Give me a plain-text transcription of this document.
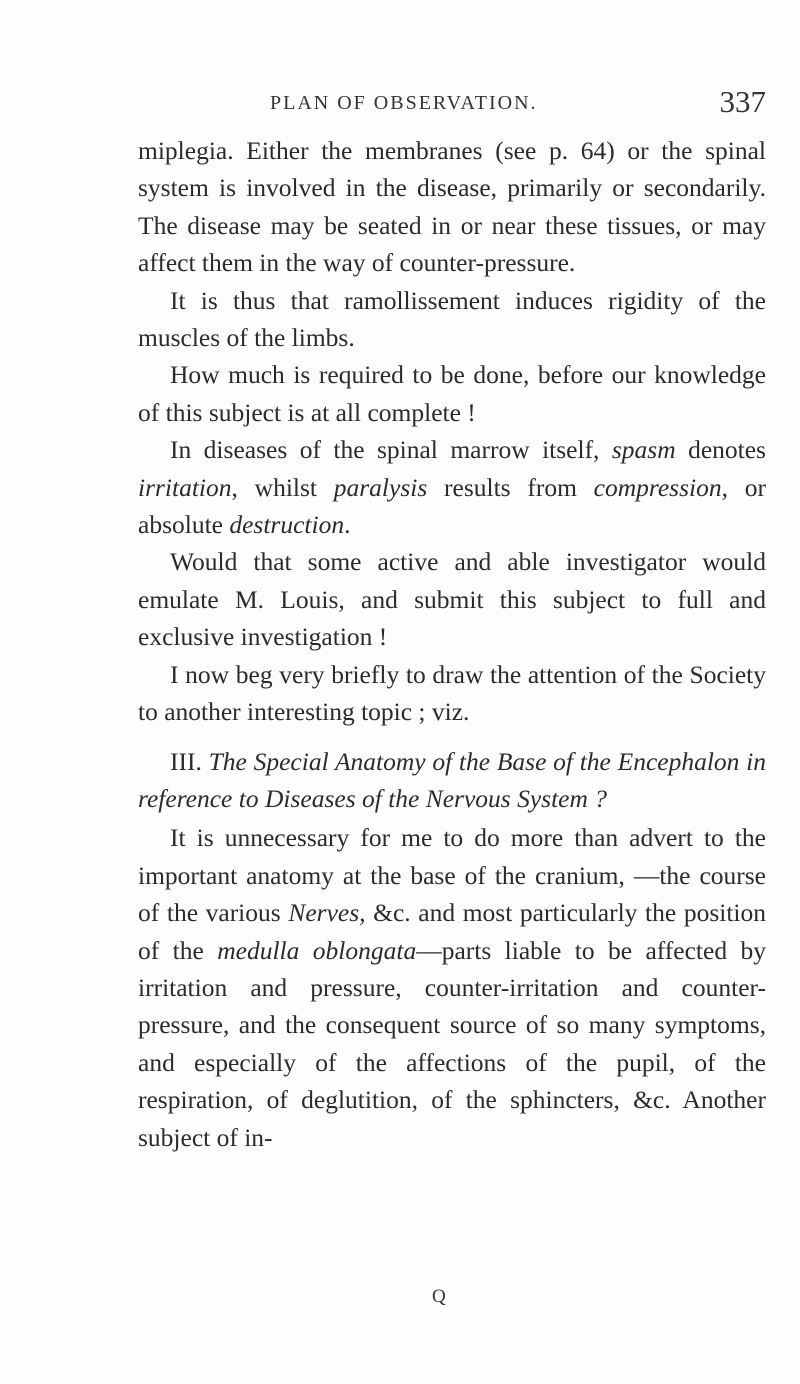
PLAN OF OBSERVATION.	337

miplegia. Either the membranes (see p. 64) or the spinal system is involved in the disease, primarily or secondarily. The disease may be seated in or near these tissues, or may affect them in the way of counter-pressure.

It is thus that ramollissement induces rigidity of the muscles of the limbs.

How much is required to be done, before our knowledge of this subject is at all complete !

In diseases of the spinal marrow itself, spasm denotes irritation, whilst paralysis results from compression, or absolute destruction.

Would that some active and able investigator would emulate M. Louis, and submit this subject to full and exclusive investigation !

I now beg very briefly to draw the attention of the Society to another interesting topic ; viz.

III. The Special Anatomy of the Base of the Encephalon in reference to Diseases of the Nervous System ?

It is unnecessary for me to do more than advert to the important anatomy at the base of the cranium, —the course of the various Nerves, &c. and most particularly the position of the medulla oblongata—parts liable to be affected by irritation and pressure, counter-irritation and counter-pressure, and the consequent source of so many symptoms, and especially of the affections of the pupil, of the respiration, of deglutition, of the sphincters, &c. Another subject of in-

Q
